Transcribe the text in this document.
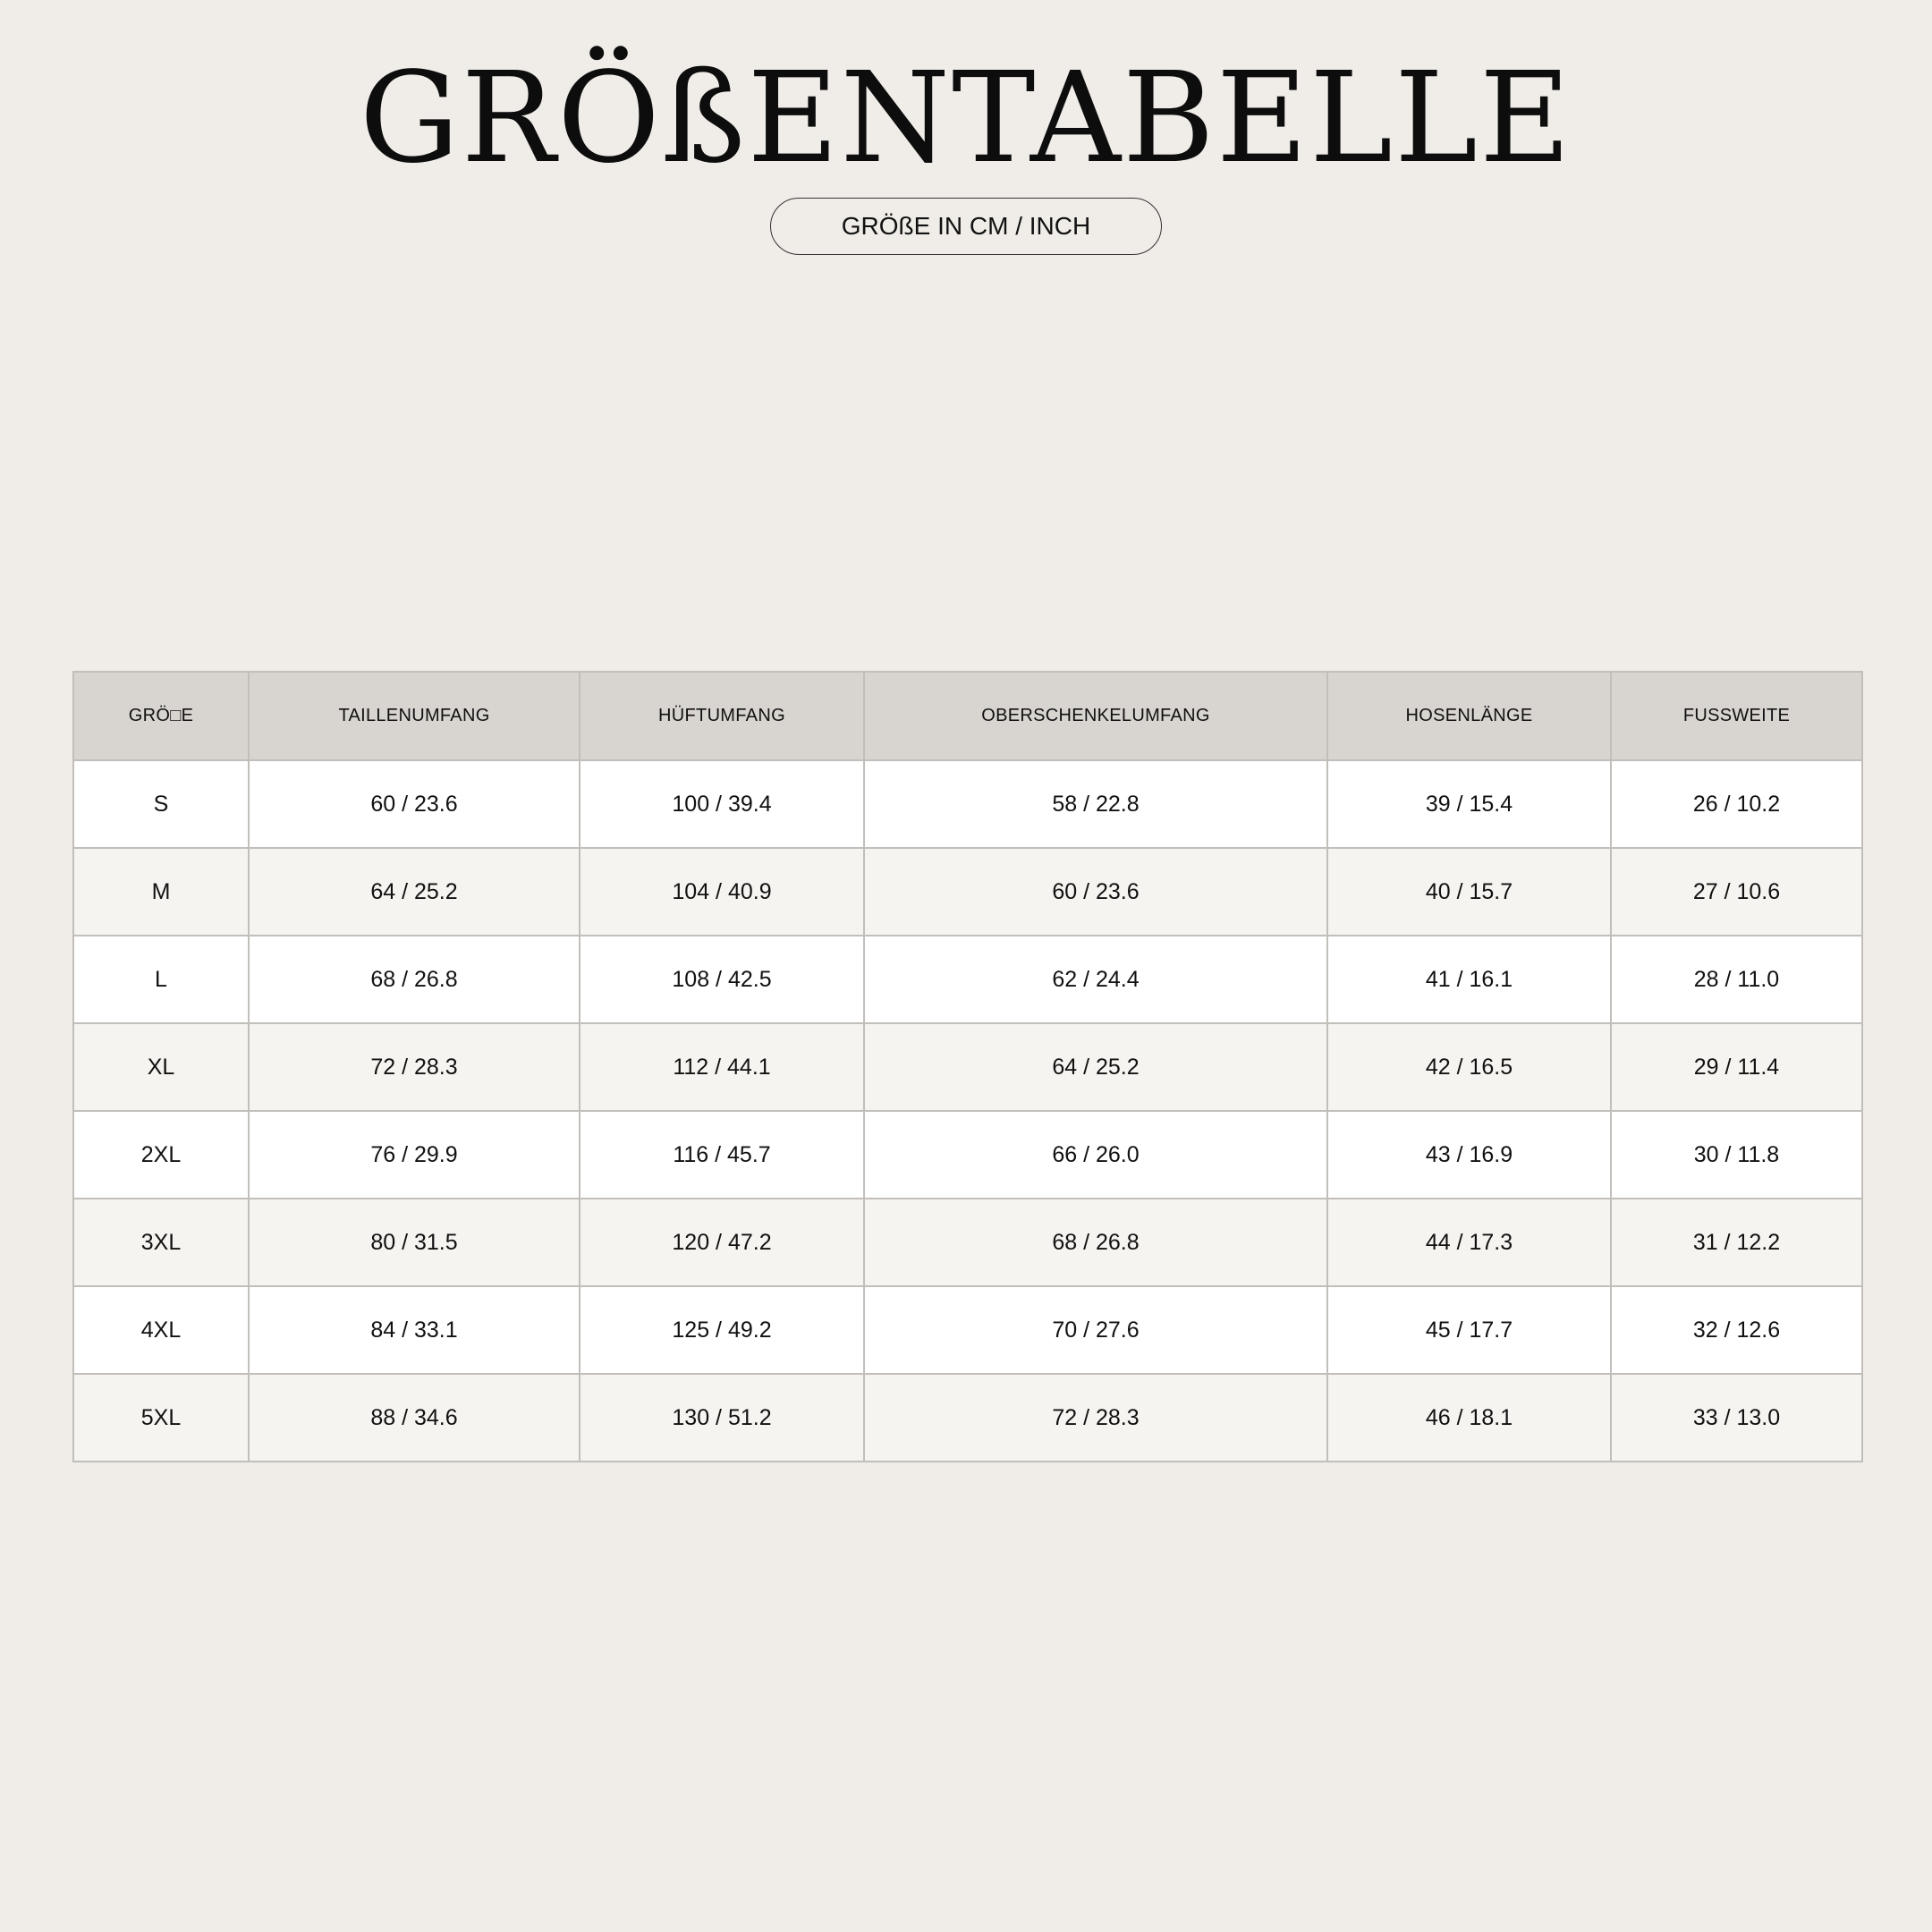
GRÖßENTABELLE
GRÖßE IN CM / INCH
GRÖ□E	TAILLENUMFANG	HÜFTUMFANG	OBERSCHENKELUMFANG	HOSENLÄNGE	FUSSWEITE
S	60 / 23.6	100 / 39.4	58 / 22.8	39 / 15.4	26 / 10.2
M	64 / 25.2	104 / 40.9	60 / 23.6	40 / 15.7	27 / 10.6
L	68 / 26.8	108 / 42.5	62 / 24.4	41 / 16.1	28 / 11.0
XL	72 / 28.3	112 / 44.1	64 / 25.2	42 / 16.5	29 / 11.4
2XL	76 / 29.9	116 / 45.7	66 / 26.0	43 / 16.9	30 / 11.8
3XL	80 / 31.5	120 / 47.2	68 / 26.8	44 / 17.3	31 / 12.2
4XL	84 / 33.1	125 / 49.2	70 / 27.6	45 / 17.7	32 / 12.6
5XL	88 / 34.6	130 / 51.2	72 / 28.3	46 / 18.1	33 / 13.0
